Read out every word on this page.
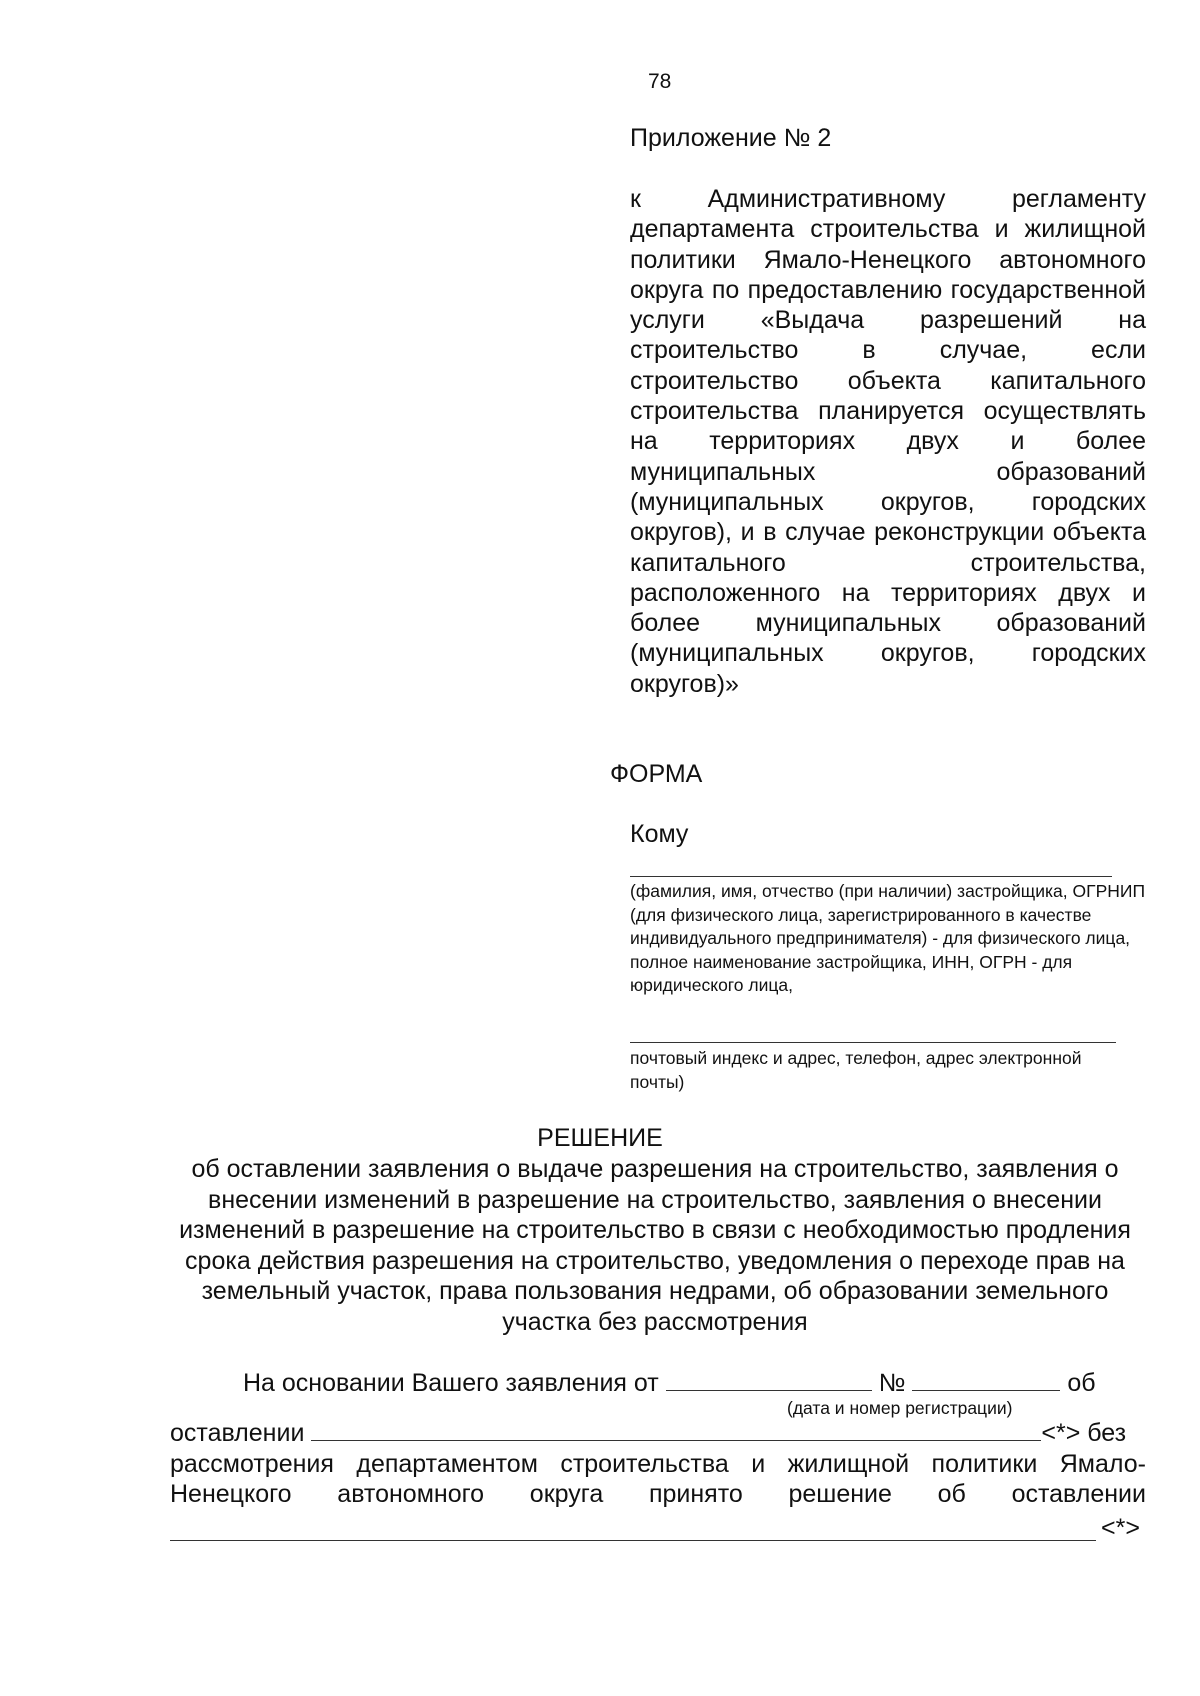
78
Приложение № 2
к Административному регламенту департамента строительства и жилищной политики Ямало-Ненецкого автономного округа по предоставлению государственной услуги «Выдача разрешений на строительство в случае, если строительство объекта капитального строительства планируется осуществлять на территориях двух и более муниципальных образований (муниципальных округов, городских округов), и в случае реконструкции объекта капитального строительства, расположенного на территориях двух и более муниципальных образований (муниципальных округов, городских округов)»
ФОРМА
Кому
(фамилия, имя, отчество (при наличии) застройщика, ОГРНИП (для физического лица, зарегистрированного в качестве индивидуального предпринимателя) - для физического лица, полное наименование застройщика, ИНН, ОГРН - для юридического лица,
почтовый индекс и адрес, телефон, адрес электронной почты)
РЕШЕНИЕ
об оставлении заявления о выдаче разрешения на строительство, заявления о внесении изменений в разрешение на строительство, заявления о внесении изменений в разрешение на строительство в связи с необходимостью продления срока действия разрешения на строительство, уведомления о переходе прав на земельный участок, права пользования недрами, об образовании земельного участка без рассмотрения
На основании Вашего заявления от	№	об
(дата и номер регистрации)
оставлении	<*> без
рассмотрения департаментом строительства и жилищной политики Ямало-
Ненецкого автономного округа принято решение об оставлении
<*>
